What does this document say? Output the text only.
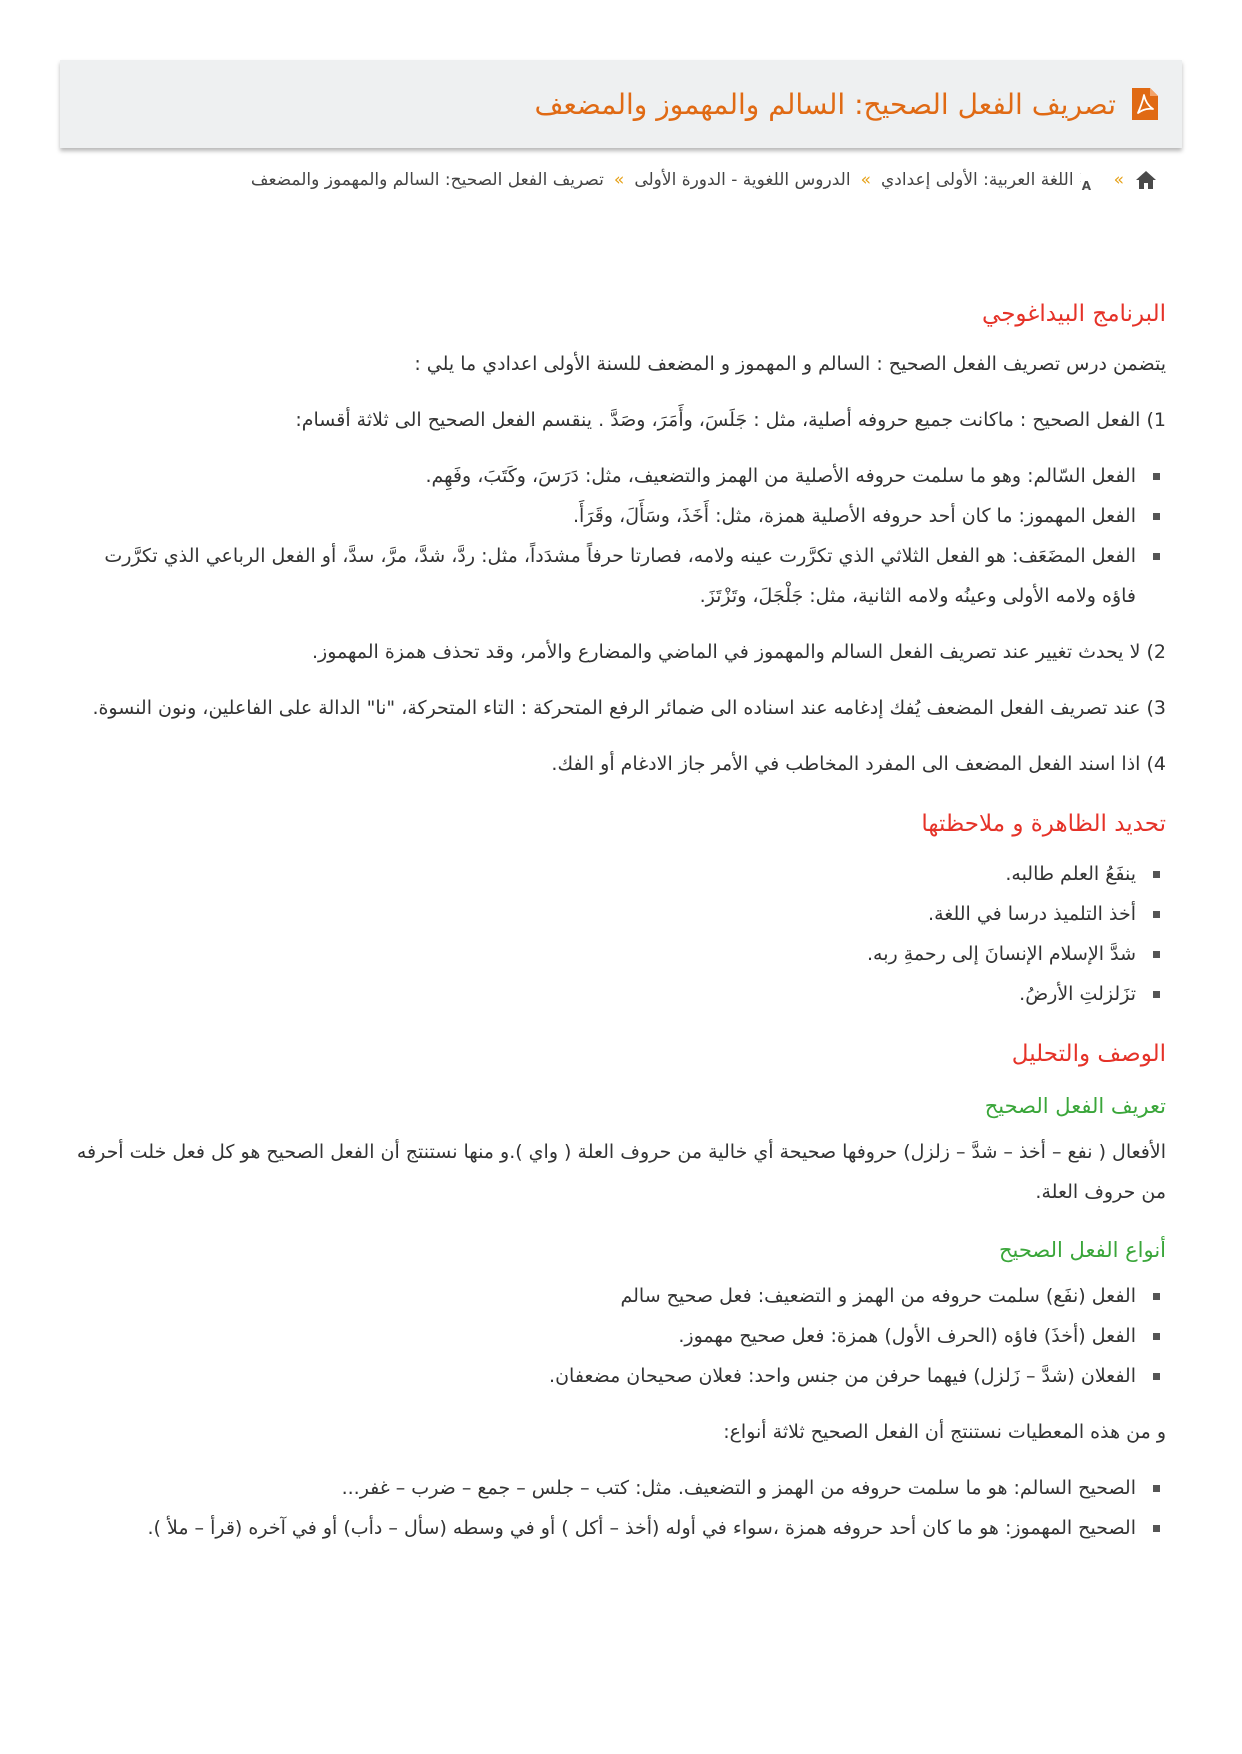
تصريف الفعل الصحيح: السالم والمهموز والمضعف
»
A
اللغة العربية: الأولى إعدادي
»
الدروس اللغوية - الدورة الأولى
»
تصريف الفعل الصحيح: السالم والمهموز والمضعف
البرنامج البيداغوجي

يتضمن درس تصريف الفعل الصحيح : السالم و المهموز و المضعف للسنة الأولى اعدادي ما يلي :

1) الفعل الصحيح : ماكانت جميع حروفه أصلية، مثل : جَلَسَ، وأَمَرَ، وصَدَّ . ينقسم الفعل الصحيح الى ثلاثة أقسام:

الفعل السّالم: وهو ما سلمت حروفه الأصلية من الهمز والتضعيف، مثل: دَرَسَ، وكَتَبَ، وفَهِم.
الفعل المهموز: ما كان أحد حروفه الأصلية همزة، مثل: أَخَذَ، وسَأَلَ، وقَرَأَ.
الفعل المضَعَف: هو الفعل الثلاثي الذي تكرَّرت عينه ولامه، فصارتا حرفاً مشدَداً، مثل: ردَّ، شدَّ، مرَّ، سدَّ، أو الفعل الرباعي الذي تكرَّرت فاؤه ولامه الأولى وعينُه ولامه الثانية، مثل: جَلْجَلَ، وتَزْتَزَ.

2) لا يحدث تغيير عند تصريف الفعل السالم والمهموز في الماضي والمضارع والأمر، وقد تحذف همزة المهموز.

3) عند تصريف الفعل المضعف يُفك إدغامه عند اسناده الى ضمائر الرفع المتحركة : التاء المتحركة، "نا" الدالة على الفاعلين، ونون النسوة.

4) اذا اسند الفعل المضعف الى المفرد المخاطب في الأمر جاز الادغام أو الفك.

تحديد الظاهرة و ملاحظتها
ينفَعُ العلم طالبه.
أخذ التلميذ درسا في اللغة.
شدَّ الإسلام الإنسانَ إلى رحمةِ ربه.
تزَلزلتِ الأرضُ.
الوصف والتحليل
تعريف الفعل الصحيح

الأفعال ( نفع – أخذ – شدَّ – زلزل) حروفها صحيحة أي خالية من حروف العلة ( واي ).و منها نستنتج أن الفعل الصحيح هو كل فعل خلت أحرفه من حروف العلة.

أنواع الفعل الصحيح
الفعل (نفَع) سلمت حروفه من الهمز و التضعيف: فعل صحيح سالم
الفعل (أخذَ) فاؤه (الحرف الأول) همزة: فعل صحيح مهموز.
الفعلان (شدَّ – زَلزل) فيهما حرفن من جنس واحد: فعلان صحيحان مضعفان.

و من هذه المعطيات نستنتج أن الفعل الصحيح ثلاثة أنواع:

الصحيح السالم: هو ما سلمت حروفه من الهمز و التضعيف. مثل: كتب – جلس – جمع – ضرب – غفر...
الصحيح المهموز: هو ما كان أحد حروفه همزة ،سواء في أوله (أخذ – أكل ) أو في وسطه (سأل – دأب) أو في آخره (قرأ – ملأ ).
